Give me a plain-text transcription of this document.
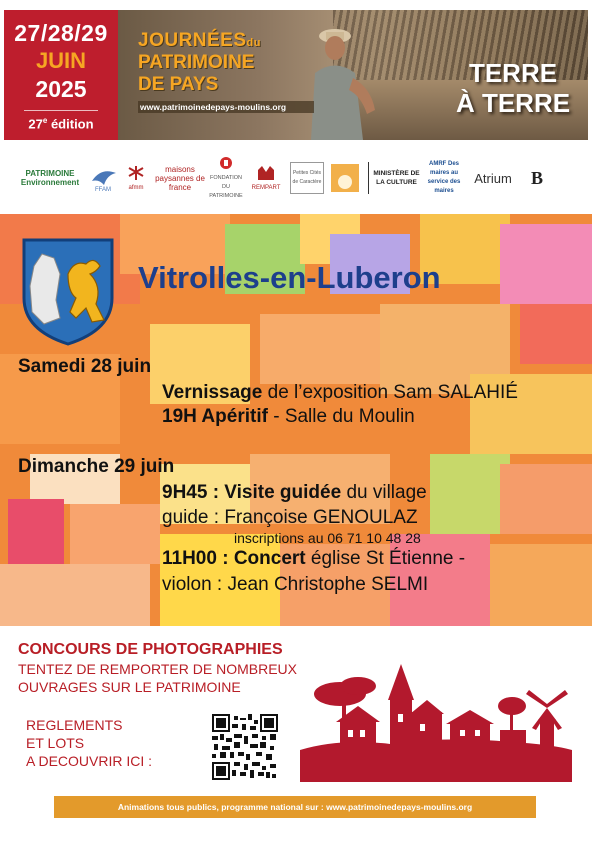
27/28/29
JUIN
2025
27e édition
JOURNÉESdu
PATRIMOINE
DE PAYS
www.patrimoinedepays-moulins.org
TERRE
À TERRE
PATRIMOINE Environnement
FFAM	afmm
maisons paysannes de france
FONDATION DU PATRIMOINE
REMPART
Petites Cités de Caractère
MINISTÈRE DE LA CULTURE
AMRF Des maires au service des maires
Atrium	B
Vitrolles-en-Luberon
Samedi 28 juin
Vernissage de l’exposition Sam SALAHIÉ
19H Apéritif - Salle du Moulin
Dimanche 29 juin
9H45 : Visite guidée du village
guide : Françoise GENOULAZ
inscriptions au 06 71 10 48 28
11H00 : Concert église St Étienne -
violon : Jean Christophe SELMI
CONCOURS DE PHOTOGRAPHIES
TENTEZ DE REMPORTER DE NOMBREUX
OUVRAGES SUR LE PATRIMOINE
REGLEMENTS
ET LOTS
A DECOUVRIR ICI :
Animations tous publics, programme national sur : www.patrimoinedepays-moulins.org
